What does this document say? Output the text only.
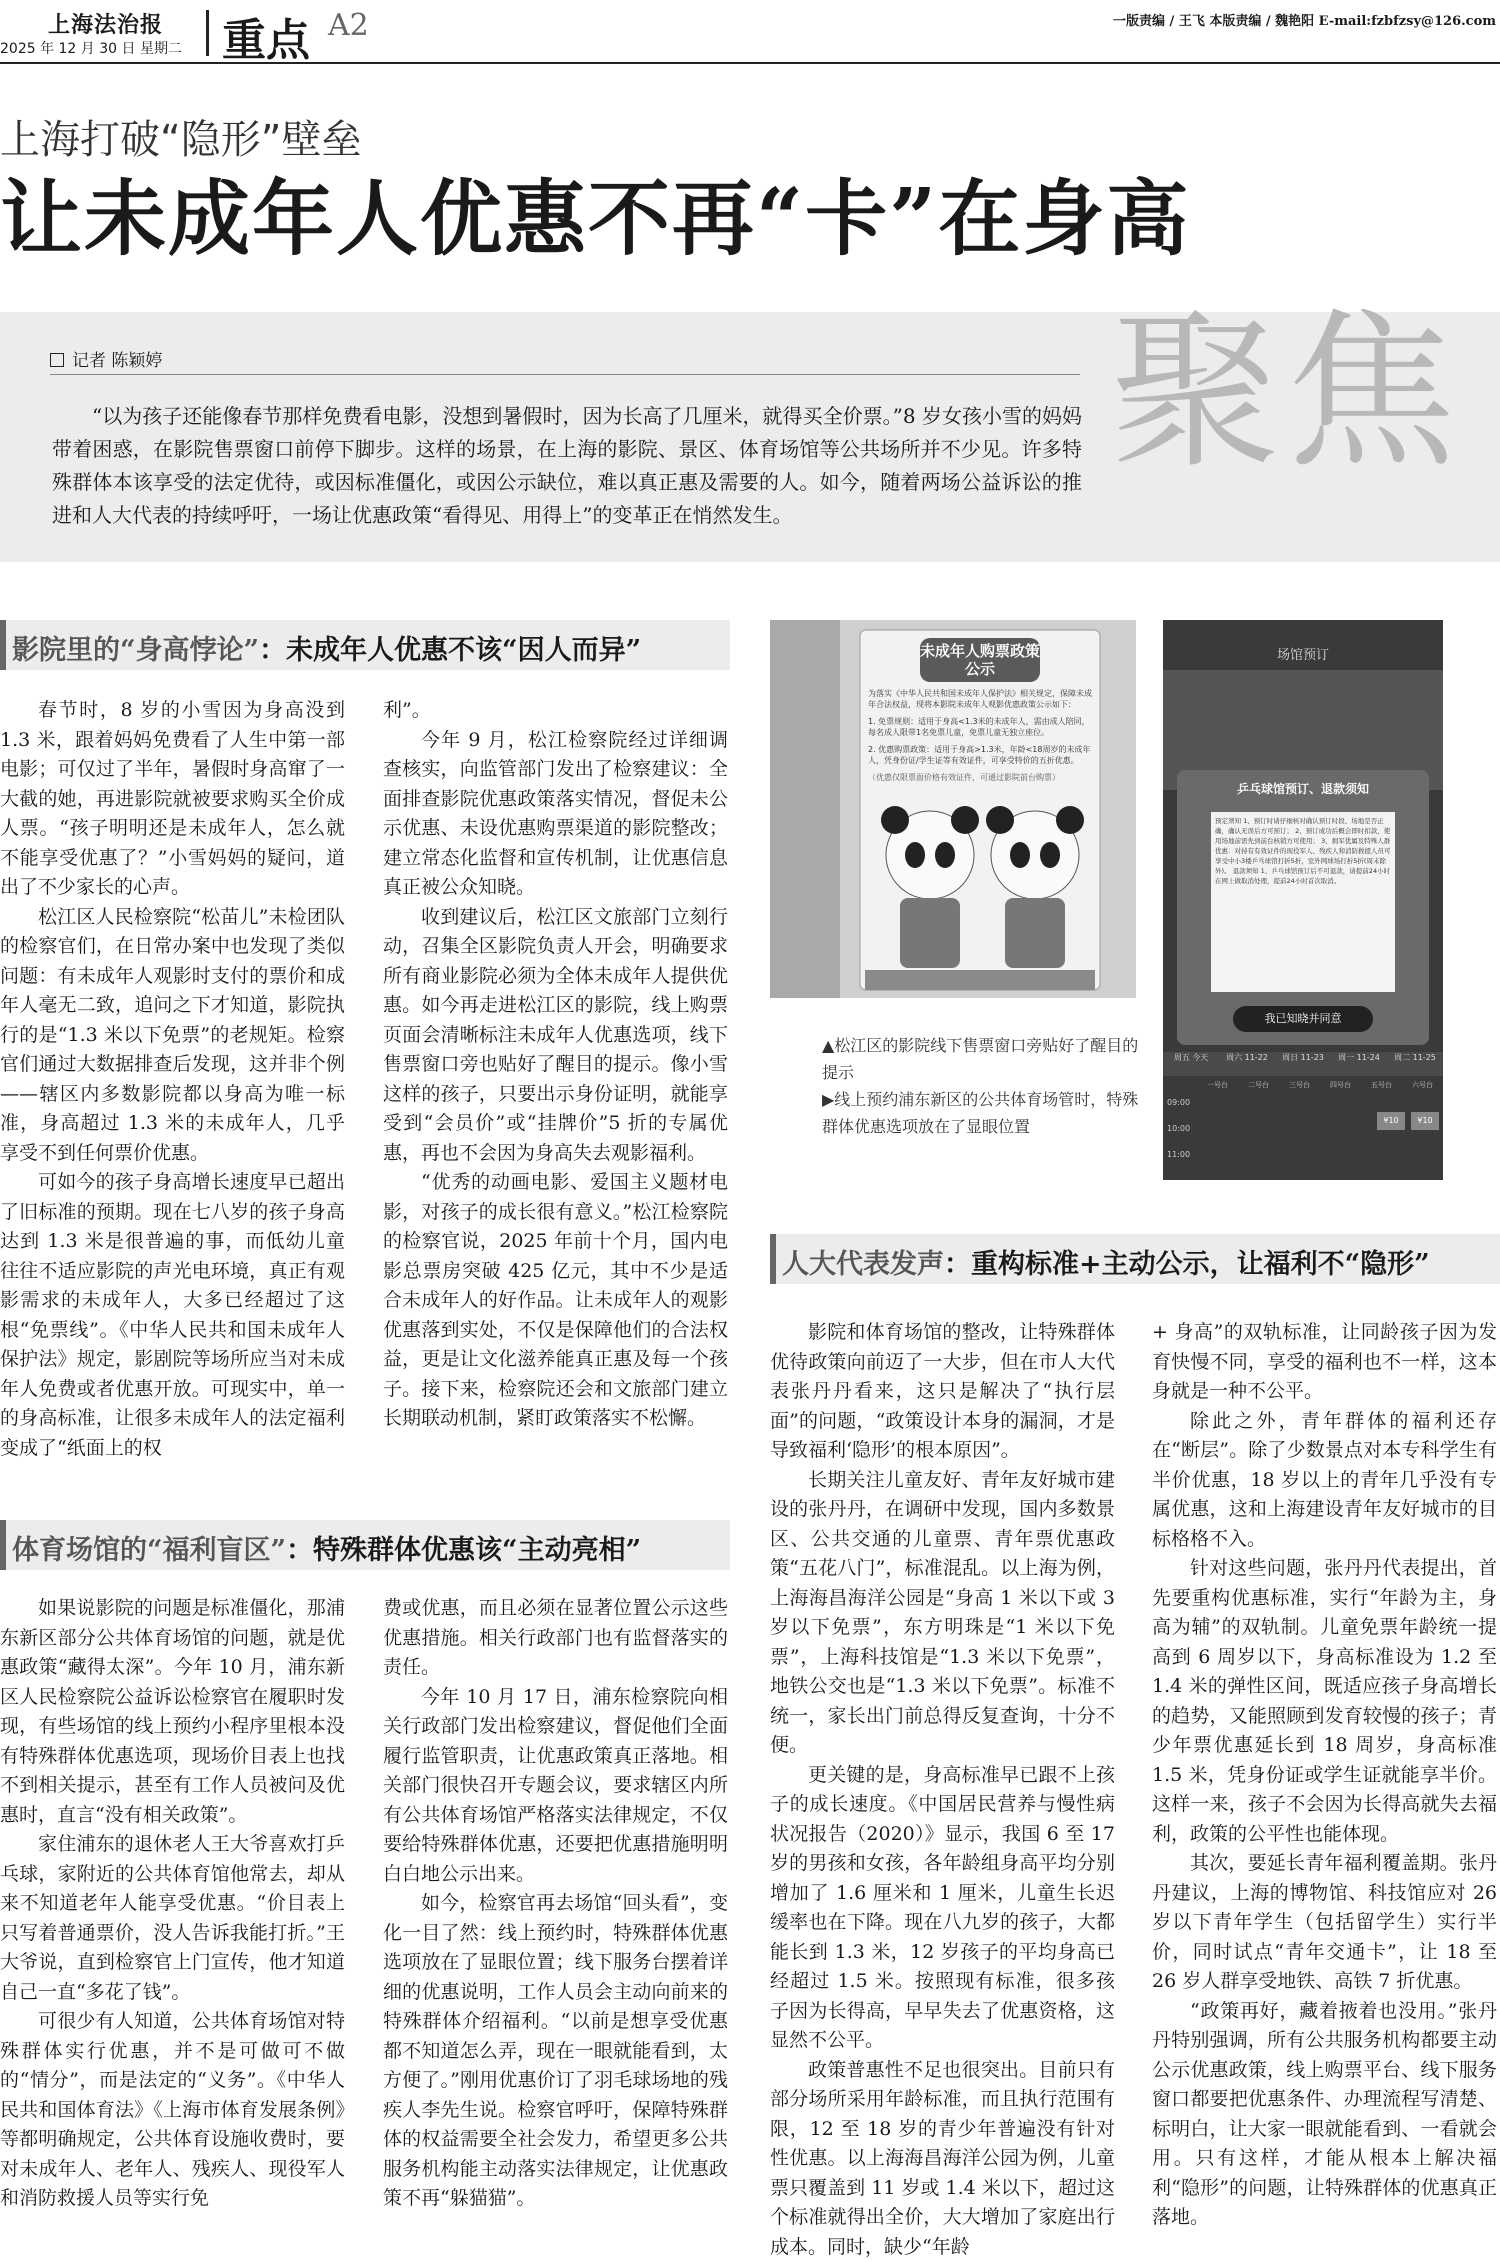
上海法治报
2025 年 12 月 30 日 星期二 重点 A2	一版责编 / 王飞 本版责编 / 魏艳阳 E-mail:fzbfzsy@126.com
上海打破“隐形”壁垒
让未成年人优惠不再“卡”在身高
记者 陈颖婷
“以为孩子还能像春节那样免费看电影，没想到暑假时，因为长高了几厘米，就得买全价票。”8 岁女孩小雪的妈妈带着困惑，在影院售票窗口前停下脚步。这样的场景，在上海的影院、景区、体育场馆等公共场所并不少见。许多特殊群体本该享受的法定优待，或因标准僵化，或因公示缺位，难以真正惠及需要的人。如今，随着两场公益诉讼的推进和人大代表的持续呼吁，一场让优惠政策“看得见、用得上”的变革正在悄然发生。
聚焦
影院里的“身高悖论”：未成年人优惠不该“因人而异”

春节时，8 岁的小雪因为身高没到 1.3 米，跟着妈妈免费看了人生中第一部电影；可仅过了半年，暑假时身高窜了一大截的她，再进影院就被要求购买全价成人票。“孩子明明还是未成年人，怎么就不能享受优惠了？”小雪妈妈的疑问，道出了不少家长的心声。

松江区人民检察院“松苗儿”未检团队的检察官们，在日常办案中也发现了类似问题：有未成年人观影时支付的票价和成年人毫无二致，追问之下才知道，影院执行的是“1.3 米以下免票”的老规矩。检察官们通过大数据排查后发现，这并非个例——辖区内多数影院都以身高为唯一标准，身高超过 1.3 米的未成年人，几乎享受不到任何票价优惠。

可如今的孩子身高增长速度早已超出了旧标准的预期。现在七八岁的孩子身高达到 1.3 米是很普遍的事，而低幼儿童往往不适应影院的声光电环境，真正有观影需求的未成年人，大多已经超过了这根“免票线”。《中华人民共和国未成年人保护法》规定，影剧院等场所应当对未成年人免费或者优惠开放。可现实中，单一的身高标准，让很多未成年人的法定福利变成了“纸面上的权

利”。

今年 9 月，松江检察院经过详细调查核实，向监管部门发出了检察建议：全面排查影院优惠政策落实情况，督促未公示优惠、未设优惠购票渠道的影院整改；建立常态化监督和宣传机制，让优惠信息真正被公众知晓。

收到建议后，松江区文旅部门立刻行动，召集全区影院负责人开会，明确要求所有商业影院必须为全体未成年人提供优惠。如今再走进松江区的影院，线上购票页面会清晰标注未成年人优惠选项，线下售票窗口旁也贴好了醒目的提示。像小雪这样的孩子，只要出示身份证明，就能享受到“会员价”或“挂牌价”5 折的专属优惠，再也不会因为身高失去观影福利。

“优秀的动画电影、爱国主义题材电影，对孩子的成长很有意义。”松江检察院的检察官说，2025 年前十个月，国内电影总票房突破 425 亿元，其中不少是适合未成年人的好作品。让未成年人的观影优惠落到实处，不仅是保障他们的合法权益，更是让文化滋养能真正惠及每一个孩子。接下来，检察院还会和文旅部门建立长期联动机制，紧盯政策落实不松懈。

体育场馆的“福利盲区”：特殊群体优惠该“主动亮相”

如果说影院的问题是标准僵化，那浦东新区部分公共体育场馆的问题，就是优惠政策“藏得太深”。今年 10 月，浦东新区人民检察院公益诉讼检察官在履职时发现，有些场馆的线上预约小程序里根本没有特殊群体优惠选项，现场价目表上也找不到相关提示，甚至有工作人员被问及优惠时，直言“没有相关政策”。

家住浦东的退休老人王大爷喜欢打乒乓球，家附近的公共体育馆他常去，却从来不知道老年人能享受优惠。“价目表上只写着普通票价，没人告诉我能打折。”王大爷说，直到检察官上门宣传，他才知道自己一直“多花了钱”。

可很少有人知道，公共体育场馆对特殊群体实行优惠，并不是可做可不做的“情分”，而是法定的“义务”。《中华人民共和国体育法》《上海市体育发展条例》等都明确规定，公共体育设施收费时，要对未成年人、老年人、残疾人、现役军人和消防救援人员等实行免

费或优惠，而且必须在显著位置公示这些优惠措施。相关行政部门也有监督落实的责任。

今年 10 月 17 日，浦东检察院向相关行政部门发出检察建议，督促他们全面履行监管职责，让优惠政策真正落地。相关部门很快召开专题会议，要求辖区内所有公共体育场馆严格落实法律规定，不仅要给特殊群体优惠，还要把优惠措施明明白白地公示出来。

如今，检察官再去场馆“回头看”，变化一目了然：线上预约时，特殊群体优惠选项放在了显眼位置；线下服务台摆着详细的优惠说明，工作人员会主动向前来的特殊群体介绍福利。“以前是想享受优惠都不知道怎么弄，现在一眼就能看到，太方便了。”刚用优惠价订了羽毛球场地的残疾人李先生说。检察官呼吁，保障特殊群体的权益需要全社会发力，希望更多公共服务机构能主动落实法律规定，让优惠政策不再“躲猫猫”。

未成年人购票政策公示
为落实《中华人民共和国未成年人保护法》相关规定，保障未成年合法权益，现将本影院未成年人观影优惠政策公示如下：
1. 免票规则：适用于身高<1.3米的未成年人，需由成人陪同，每名成人限带1名免票儿童，免票儿童无独立座位。
2. 优惠购票政策：适用于身高>1.3米，年龄<18周岁的未成年人，凭身份证/学生证等有效证件，可享受特价的五折优惠。
（优惠仅限票面价格有效证件，可通过影院前台购票）
场馆预订
乒乓球馆预订、退款须知
预定须知 1、预订时请仔细核对确认预订时段、场地是否正确，确认无误后方可预订； 2、预订成功后概会即时扣款，使用场地前需先到前台核销方可使用； 3、拥军优属及特殊人群优惠：对持有有效证件的现役军人、残疾人和消防救援人员可享受中小3楼乒乓球馆打折5折，室外网球场打折5折(周末除外)。 退款须知 1、乒乓球馆预订后不可退款，请提前24小时在网上做取消处理，提前24小时首次取消。
我已知晓并同意
周五 今天	周六 11-22	周日 11-23	周一 11-24	周二 11-25
一号台	二号台	三号台	四号台	五号台	六号台
09:00
10:00
11:00
¥10	¥10

▲松江区的影院线下售票窗口旁贴好了醒目的提示

▶线上预约浦东新区的公共体育场管时，特殊群体优惠选项放在了显眼位置

人大代表发声：重构标准+主动公示，让福利不“隐形”

影院和体育场馆的整改，让特殊群体优待政策向前迈了一大步，但在市人大代表张丹丹看来，这只是解决了“执行层面”的问题，“政策设计本身的漏洞，才是导致福利‘隐形’的根本原因”。

长期关注儿童友好、青年友好城市建设的张丹丹，在调研中发现，国内多数景区、公共交通的儿童票、青年票优惠政策“五花八门”，标准混乱。以上海为例，上海海昌海洋公园是“身高 1 米以下或 3 岁以下免票”，东方明珠是“1 米以下免票”，上海科技馆是“1.3 米以下免票”，地铁公交也是“1.3 米以下免票”。标准不统一，家长出门前总得反复查询，十分不便。

更关键的是，身高标准早已跟不上孩子的成长速度。《中国居民营养与慢性病状况报告（2020）》显示，我国 6 至 17 岁的男孩和女孩，各年龄组身高平均分别增加了 1.6 厘米和 1 厘米，儿童生长迟缓率也在下降。现在八九岁的孩子，大都能长到 1.3 米，12 岁孩子的平均身高已经超过 1.5 米。按照现有标准，很多孩子因为长得高，早早失去了优惠资格，这显然不公平。

政策普惠性不足也很突出。目前只有部分场所采用年龄标准，而且执行范围有限，12 至 18 岁的青少年普遍没有针对性优惠。以上海海昌海洋公园为例，儿童票只覆盖到 11 岁或 1.4 米以下，超过这个标准就得出全价，大大增加了家庭出行成本。同时，缺少“年龄

+ 身高”的双轨标准，让同龄孩子因为发育快慢不同，享受的福利也不一样，这本身就是一种不公平。

除此之外，青年群体的福利还存在“断层”。除了少数景点对本专科学生有半价优惠，18 岁以上的青年几乎没有专属优惠，这和上海建设青年友好城市的目标格格不入。

针对这些问题，张丹丹代表提出，首先要重构优惠标准，实行“年龄为主，身高为辅”的双轨制。儿童免票年龄统一提高到 6 周岁以下，身高标准设为 1.2 至 1.4 米的弹性区间，既适应孩子身高增长的趋势，又能照顾到发育较慢的孩子；青少年票优惠延长到 18 周岁，身高标准 1.5 米，凭身份证或学生证就能享半价。这样一来，孩子不会因为长得高就失去福利，政策的公平性也能体现。

其次，要延长青年福利覆盖期。张丹丹建议，上海的博物馆、科技馆应对 26 岁以下青年学生（包括留学生）实行半价，同时试点“青年交通卡”，让 18 至 26 岁人群享受地铁、高铁 7 折优惠。

“政策再好，藏着掖着也没用。”张丹丹特别强调，所有公共服务机构都要主动公示优惠政策，线上购票平台、线下服务窗口都要把优惠条件、办理流程写清楚、标明白，让大家一眼就能看到、一看就会用。只有这样，才能从根本上解决福利“隐形”的问题，让特殊群体的优惠真正落地。
